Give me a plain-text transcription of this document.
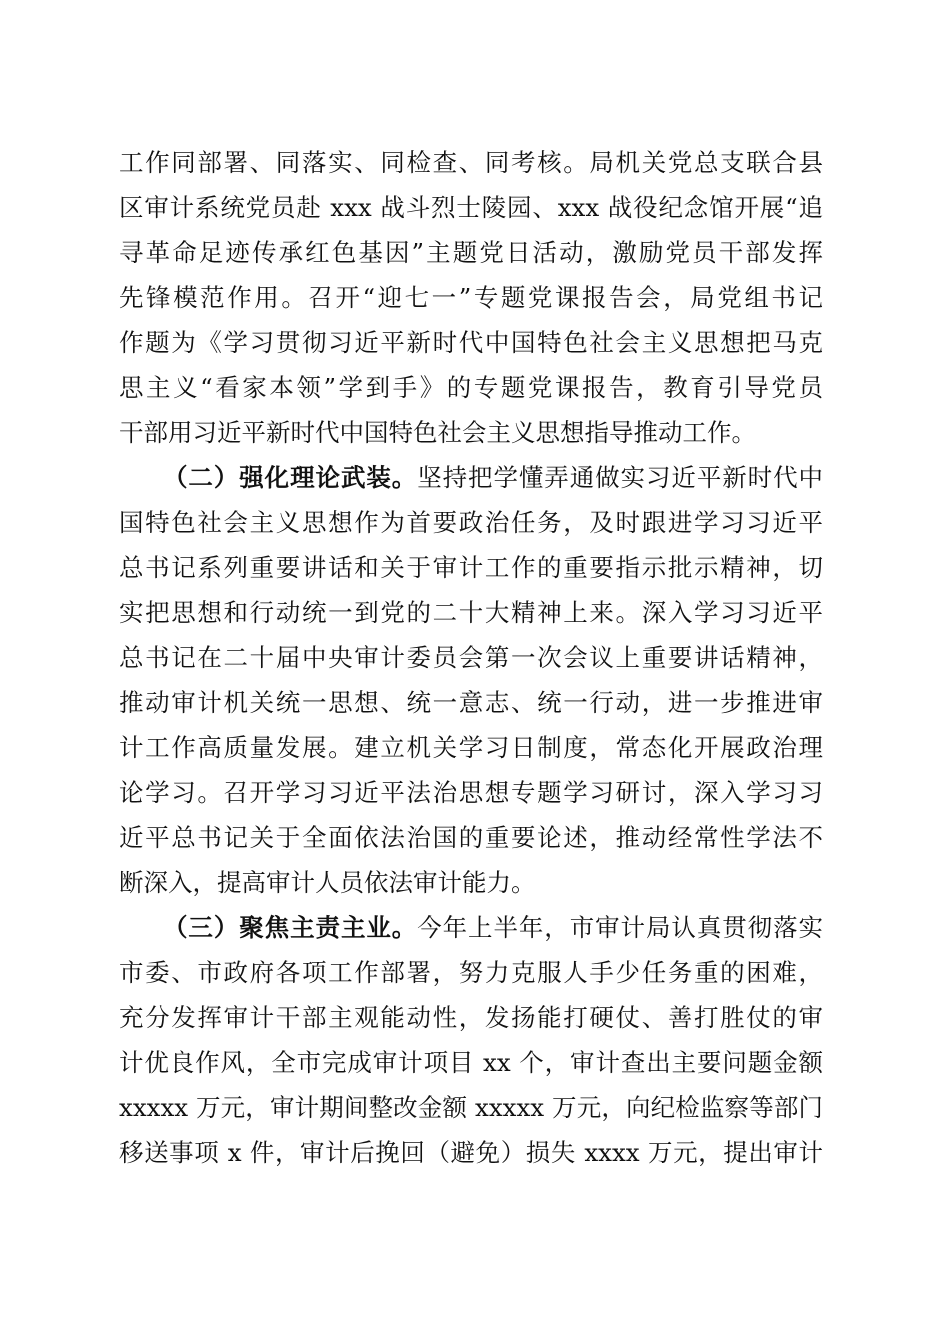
工作同部署、同落实、同检查、同考核。局机关党总支联合县
区审计系统党员赴 xxx 战斗烈士陵园、xxx 战役纪念馆开展“追
寻革命足迹传承红色基因”主题党日活动，激励党员干部发挥
先锋模范作用。召开“迎七一”专题党课报告会，局党组书记
作题为《学习贯彻习近平新时代中国特色社会主义思想把马克
思主义“看家本领”学到手》的专题党课报告，教育引导党员
干部用习近平新时代中国特色社会主义思想指导推动工作。
（二）强化理论武装。坚持把学懂弄通做实习近平新时代中
国特色社会主义思想作为首要政治任务，及时跟进学习习近平
总书记系列重要讲话和关于审计工作的重要指示批示精神，切
实把思想和行动统一到党的二十大精神上来。深入学习习近平
总书记在二十届中央审计委员会第一次会议上重要讲话精神，
推动审计机关统一思想、统一意志、统一行动，进一步推进审
计工作高质量发展。建立机关学习日制度，常态化开展政治理
论学习。召开学习习近平法治思想专题学习研讨，深入学习习
近平总书记关于全面依法治国的重要论述，推动经常性学法不
断深入，提高审计人员依法审计能力。
（三）聚焦主责主业。今年上半年，市审计局认真贯彻落实
市委、市政府各项工作部署，努力克服人手少任务重的困难，
充分发挥审计干部主观能动性，发扬能打硬仗、善打胜仗的审
计优良作风，全市完成审计项目 xx 个，审计查出主要问题金额
xxxxx 万元，审计期间整改金额 xxxxx 万元，向纪检监察等部门
移送事项 x 件，审计后挽回（避免）损失 xxxx 万元，提出审计
